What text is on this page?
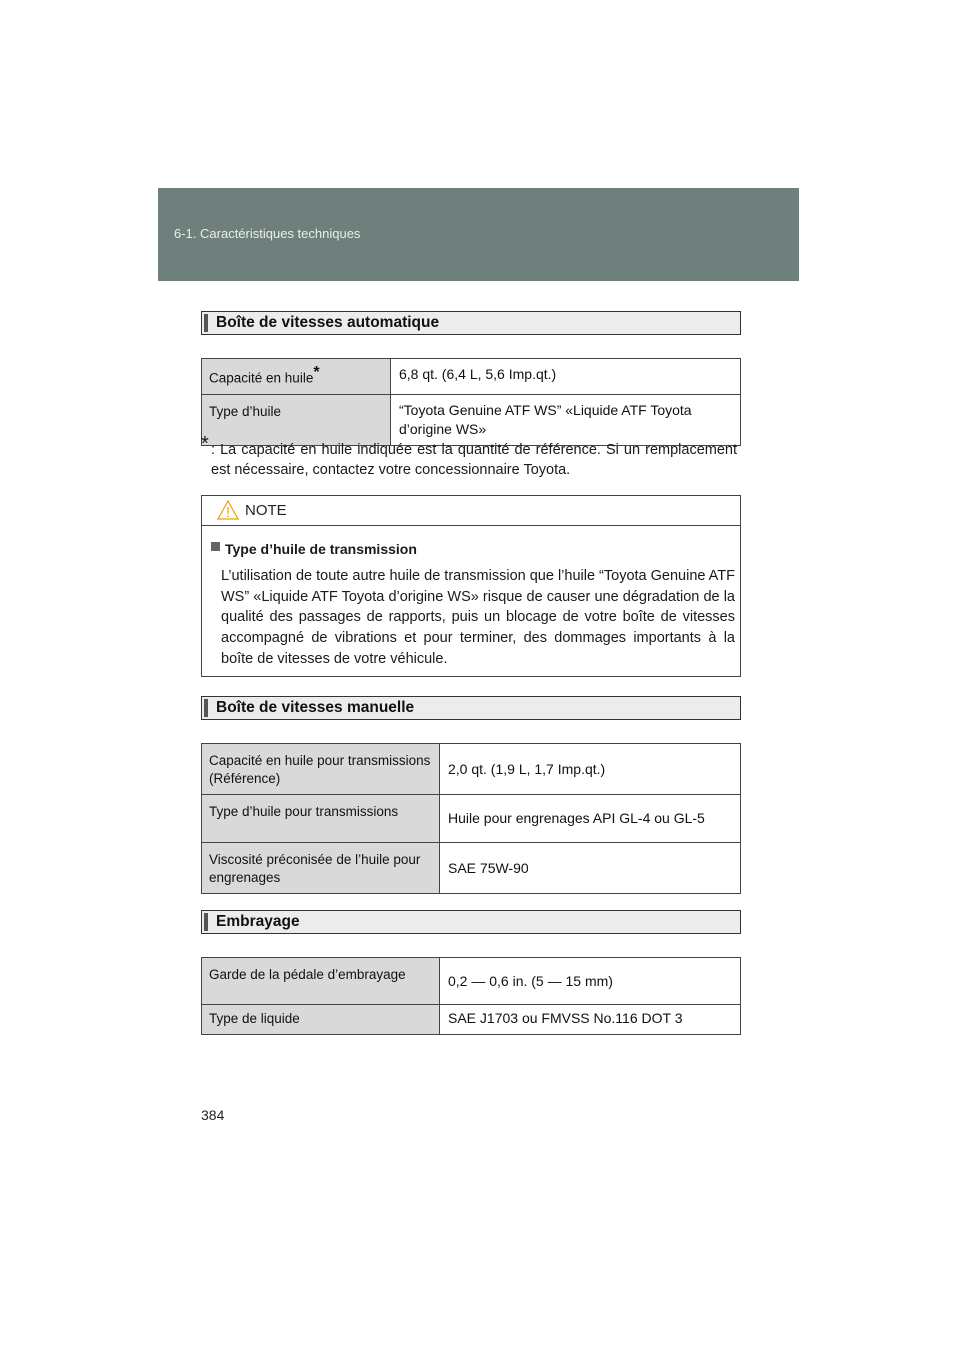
6-1. Caractéristiques techniques
Boîte de vitesses automatique
Capacité en huile*	6,8 qt. (6,4 L, 5,6 Imp.qt.)
Type d’huile	“Toyota Genuine ATF WS” «Liquide ATF Toyota d’origine WS»
* : La capacité en huile indiquée est la quantité de référence. Si un remplacement est nécessaire, contactez votre concessionnaire Toyota.
NOTE
Type d’huile de transmission
L’utilisation de toute autre huile de transmission que l’huile “Toyota Genuine ATF WS” «Liquide ATF Toyota d’origine WS» risque de causer une dégradation de la qualité des passages de rapports, puis un blocage de votre boîte de vitesses accompagné de vibrations et pour terminer, des dommages importants à la boîte de vitesses de votre véhicule.
Boîte de vitesses manuelle
Capacité en huile pour transmissions (Référence)	2,0 qt. (1,9 L, 1,7 Imp.qt.)
Type d’huile pour transmissions	Huile pour engrenages API GL-4 ou GL-5
Viscosité préconisée de l’huile pour engrenages	SAE 75W-90
Embrayage
Garde de la pédale d’embrayage	0,2 — 0,6 in. (5 — 15 mm)
Type de liquide	SAE J1703 ou FMVSS No.116 DOT 3
384
